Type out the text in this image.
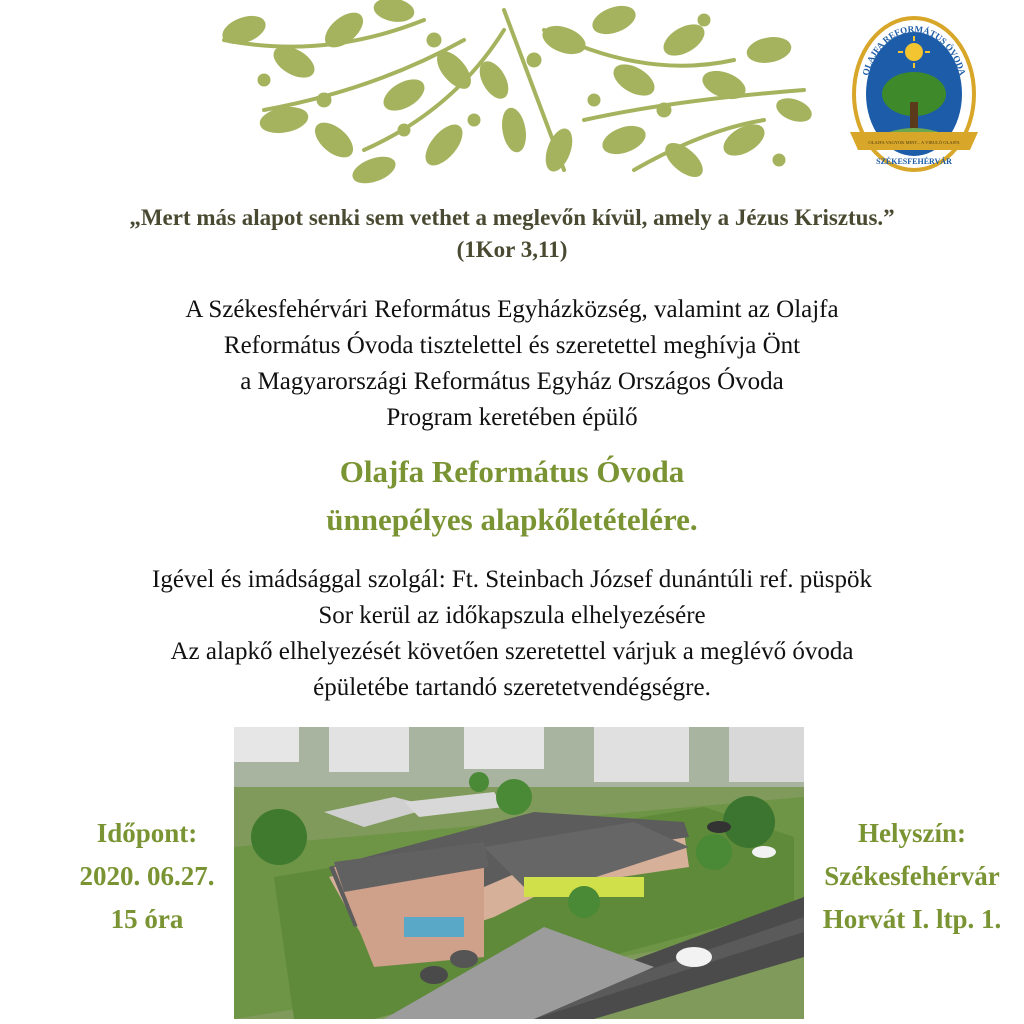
OLAJFA REFORMÁTUS ÓVODA
SZÉKESFEHÉRVÁR
OLAJFA VAGYOK MINT... A VIRULÓ OLAJFA
„Mert más alapot senki sem vethet a meglevőn kívül, amely a Jézus Krisztus.”
(1Kor 3,11)
A Székesfehérvári Református Egyházközség, valamint az Olajfa
Református Óvoda tisztelettel és szeretettel meghívja Önt
a Magyarországi Református Egyház Országos Óvoda
Program keretében épülő
Olajfa Református Óvoda
ünnepélyes alapkőletételére.
Igével és imádsággal szolgál: Ft. Steinbach József dunántúli ref. püspök
Sor kerül az időkapszula elhelyezésére
Az alapkő elhelyezését követően szeretettel várjuk a meglévő óvoda
épületébe tartandó szeretetvendégségre.
Időpont:
2020. 06.27.
15 óra
Helyszín:
Székesfehérvár
Horvát I. ltp. 1.
